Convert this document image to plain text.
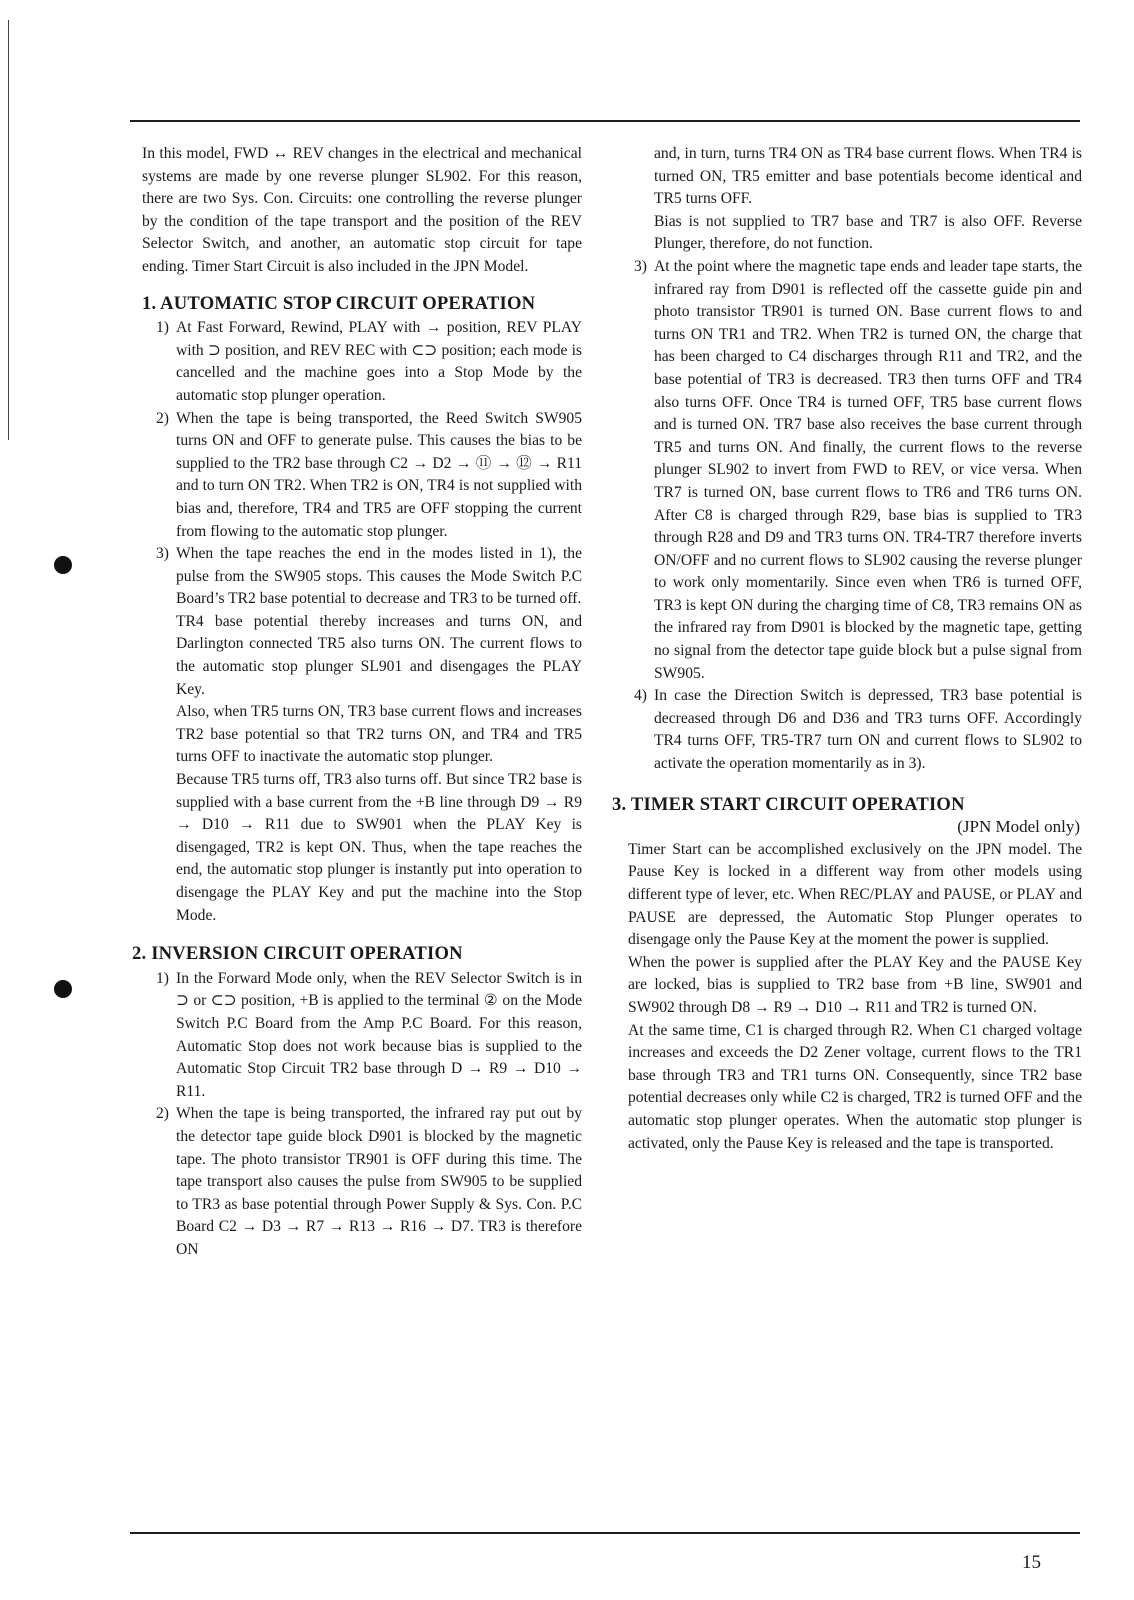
In this model, FWD ↔ REV changes in the electrical and mechanical systems are made by one reverse plunger SL902. For this reason, there are two Sys. Con. Circuits: one controlling the reverse plunger by the condition of the tape transport and the position of the REV Selector Switch, and another, an automatic stop circuit for tape ending. Timer Start Circuit is also included in the JPN Model.

1. AUTOMATIC STOP CIRCUIT OPERATION
1) At Fast Forward, Rewind, PLAY with → position, REV PLAY with ⊃ position, and REV REC with ⊂⊃ position; each mode is cancelled and the machine goes into a Stop Mode by the automatic stop plunger operation.

2) When the tape is being transported, the Reed Switch SW905 turns ON and OFF to generate pulse. This causes the bias to be supplied to the TR2 base through C2 → D2 → ⑪ → ⑫ → R11 and to turn ON TR2. When TR2 is ON, TR4 is not supplied with bias and, therefore, TR4 and TR5 are OFF stopping the current from flowing to the automatic stop plunger.

3) When the tape reaches the end in the modes listed in 1), the pulse from the SW905 stops. This causes the Mode Switch P.C Board’s TR2 base potential to decrease and TR3 to be turned off.

TR4 base potential thereby increases and turns ON, and Darlington connected TR5 also turns ON. The current flows to the automatic stop plunger SL901 and disengages the PLAY Key.

Also, when TR5 turns ON, TR3 base current flows and increases TR2 base potential so that TR2 turns ON, and TR4 and TR5 turns OFF to inactivate the automatic stop plunger.

Because TR5 turns off, TR3 also turns off. But since TR2 base is supplied with a base current from the +B line through D9 → R9 → D10 → R11 due to SW901 when the PLAY Key is disengaged, TR2 is kept ON. Thus, when the tape reaches the end, the automatic stop plunger is instantly put into operation to disengage the PLAY Key and put the machine into the Stop Mode.

2. INVERSION CIRCUIT OPERATION
1) In the Forward Mode only, when the REV Selector Switch is in ⊃ or ⊂⊃ position, +B is applied to the terminal ② on the Mode Switch P.C Board from the Amp P.C Board. For this reason, Automatic Stop does not work because bias is supplied to the Automatic Stop Circuit TR2 base through D → R9 → D10 → R11.

2) When the tape is being transported, the infrared ray put out by the detector tape guide block D901 is blocked by the magnetic tape. The photo transistor TR901 is OFF during this time. The tape transport also causes the pulse from SW905 to be supplied to TR3 as base potential through Power Supply & Sys. Con. P.C Board C2 → D3 → R7 → R13 → R16 → D7. TR3 is therefore ON

and, in turn, turns TR4 ON as TR4 base current flows. When TR4 is turned ON, TR5 emitter and base potentials become identical and TR5 turns OFF.

Bias is not supplied to TR7 base and TR7 is also OFF. Reverse Plunger, therefore, do not function.

3) At the point where the magnetic tape ends and leader tape starts, the infrared ray from D901 is reflected off the cassette guide pin and photo transistor TR901 is turned ON. Base current flows to and turns ON TR1 and TR2. When TR2 is turned ON, the charge that has been charged to C4 discharges through R11 and TR2, and the base potential of TR3 is decreased. TR3 then turns OFF and TR4 also turns OFF. Once TR4 is turned OFF, TR5 base current flows and is turned ON. TR7 base also receives the base current through TR5 and turns ON. And finally, the current flows to the reverse plunger SL902 to invert from FWD to REV, or vice versa. When TR7 is turned ON, base current flows to TR6 and TR6 turns ON. After C8 is charged through R29, base bias is supplied to TR3 through R28 and D9 and TR3 turns ON. TR4-TR7 therefore inverts ON/OFF and no current flows to SL902 causing the reverse plunger to work only momentarily. Since even when TR6 is turned OFF, TR3 is kept ON during the charging time of C8, TR3 remains ON as the infrared ray from D901 is blocked by the magnetic tape, getting no signal from the detector tape guide block but a pulse signal from SW905.

4) In case the Direction Switch is depressed, TR3 base potential is decreased through D6 and D36 and TR3 turns OFF. Accordingly TR4 turns OFF, TR5-TR7 turn ON and current flows to SL902 to activate the operation momentarily as in 3).

3. TIMER START CIRCUIT OPERATION
(JPN Model only)

Timer Start can be accomplished exclusively on the JPN model. The Pause Key is locked in a different way from other models using different type of lever, etc. When REC/PLAY and PAUSE, or PLAY and PAUSE are depressed, the Automatic Stop Plunger operates to disengage only the Pause Key at the moment the power is supplied.

When the power is supplied after the PLAY Key and the PAUSE Key are locked, bias is supplied to TR2 base from +B line, SW901 and SW902 through D8 → R9 → D10 → R11 and TR2 is turned ON.

At the same time, C1 is charged through R2. When C1 charged voltage increases and exceeds the D2 Zener voltage, current flows to the TR1 base through TR3 and TR1 turns ON. Consequently, since TR2 base potential decreases only while C2 is charged, TR2 is turned OFF and the automatic stop plunger operates. When the automatic stop plunger is activated, only the Pause Key is released and the tape is transported.

15
